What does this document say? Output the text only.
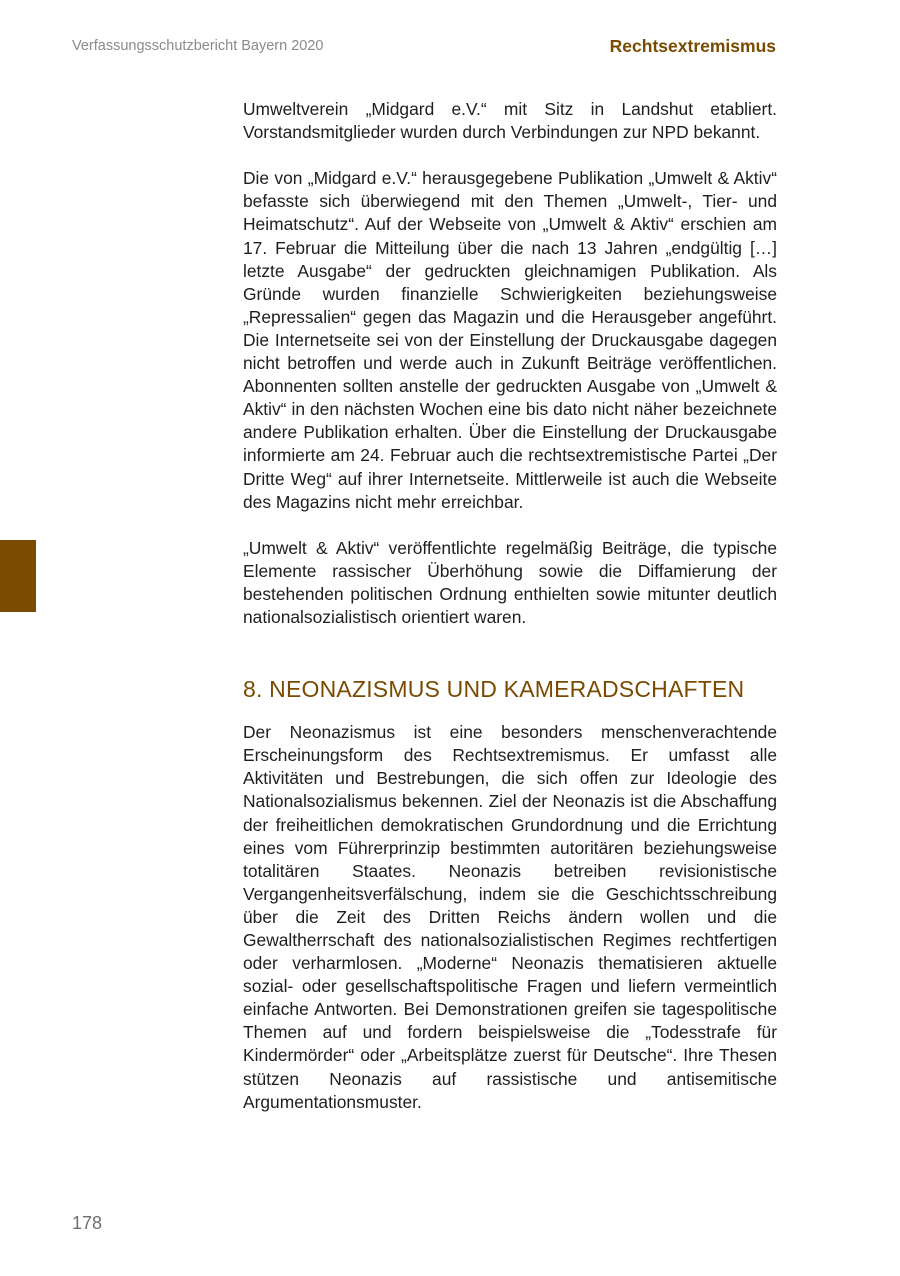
Verfassungsschutzbericht Bayern 2020	Rechtsextremismus

Umweltverein „Midgard e.V.“ mit Sitz in Landshut etabliert. Vorstandsmitglieder wurden durch Verbindungen zur NPD bekannt.

Die von „Midgard e.V.“ herausgegebene Publikation „Umwelt & Aktiv“ befasste sich überwiegend mit den Themen „Umwelt-, Tier- und Heimatschutz“. Auf der Webseite von „Umwelt & Aktiv“ erschien am 17. Februar die Mitteilung über die nach 13 Jahren „endgültig […] letzte Ausgabe“ der gedruckten gleichnamigen Publikation. Als Gründe wurden finanzielle Schwierigkeiten beziehungsweise „Repressalien“ gegen das Magazin und die Herausgeber angeführt. Die Internetseite sei von der Einstellung der Druckausgabe dagegen nicht betroffen und werde auch in Zukunft Beiträge veröffentlichen. Abonnenten sollten anstelle der gedruckten Ausgabe von „Umwelt & Aktiv“ in den nächsten Wochen eine bis dato nicht näher bezeichnete andere Publikation erhalten. Über die Einstellung der Druckausgabe informierte am 24. Februar auch die rechtsextremistische Partei „Der Dritte Weg“ auf ihrer Internetseite. Mittlerweile ist auch die Webseite des Magazins nicht mehr erreichbar.

„Umwelt & Aktiv“ veröffentlichte regelmäßig Beiträge, die typische Elemente rassischer Überhöhung sowie die Diffamierung der bestehenden politischen Ordnung enthielten sowie mitunter deutlich nationalsozialistisch orientiert waren.

8. NEONAZISMUS UND KAMERADSCHAFTEN

Der Neonazismus ist eine besonders menschenverachtende Erscheinungsform des Rechtsextremismus. Er umfasst alle Aktivitäten und Bestrebungen, die sich offen zur Ideologie des Nationalsozialismus bekennen. Ziel der Neonazis ist die Abschaffung der freiheitlichen demokratischen Grundordnung und die Errichtung eines vom Führerprinzip bestimmten autoritären beziehungsweise totalitären Staates. Neonazis betreiben revisionistische Vergangenheitsverfälschung, indem sie die Geschichtsschreibung über die Zeit des Dritten Reichs ändern wollen und die Gewaltherrschaft des nationalsozialistischen Regimes rechtfertigen oder verharmlosen. „Moderne“ Neonazis thematisieren aktuelle sozial- oder gesellschaftspolitische Fragen und liefern vermeintlich einfache Antworten. Bei Demonstrationen greifen sie tagespolitische Themen auf und fordern beispielsweise die „Todesstrafe für Kindermörder“ oder „Arbeitsplätze zuerst für Deutsche“. Ihre Thesen stützen Neonazis auf rassistische und antisemitische Argumentationsmuster.

178
